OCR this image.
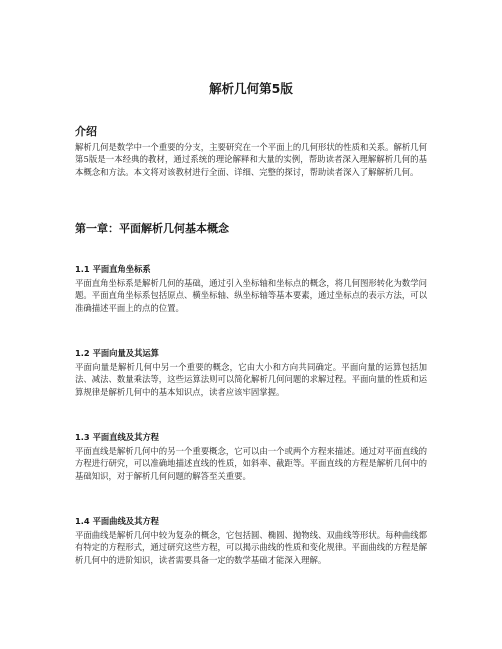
解析几何第5版
介绍

解析几何是数学中一个重要的分支，主要研究在一个平面上的几何形状的性质和关系。解析几何第5版是一本经典的教材，通过系统的理论解释和大量的实例，帮助读者深入理解解析几何的基本概念和方法。本文将对该教材进行全面、详细、完整的探讨，帮助读者深入了解解析几何。

第一章：平面解析几何基本概念
1.1 平面直角坐标系

平面直角坐标系是解析几何的基础，通过引入坐标轴和坐标点的概念，将几何图形转化为数学问题。平面直角坐标系包括原点、横坐标轴、纵坐标轴等基本要素，通过坐标点的表示方法，可以准确描述平面上的点的位置。

1.2 平面向量及其运算

平面向量是解析几何中另一个重要的概念，它由大小和方向共同确定。平面向量的运算包括加法、减法、数量乘法等，这些运算法则可以简化解析几何问题的求解过程。平面向量的性质和运算规律是解析几何中的基本知识点，读者应该牢固掌握。

1.3 平面直线及其方程

平面直线是解析几何中的另一个重要概念，它可以由一个或两个方程来描述。通过对平面直线的方程进行研究，可以准确地描述直线的性质，如斜率、截距等。平面直线的方程是解析几何中的基础知识，对于解析几何问题的解答至关重要。

1.4 平面曲线及其方程

平面曲线是解析几何中较为复杂的概念，它包括圆、椭圆、抛物线、双曲线等形状。每种曲线都有特定的方程形式，通过研究这些方程，可以揭示曲线的性质和变化规律。平面曲线的方程是解析几何中的进阶知识，读者需要具备一定的数学基础才能深入理解。
